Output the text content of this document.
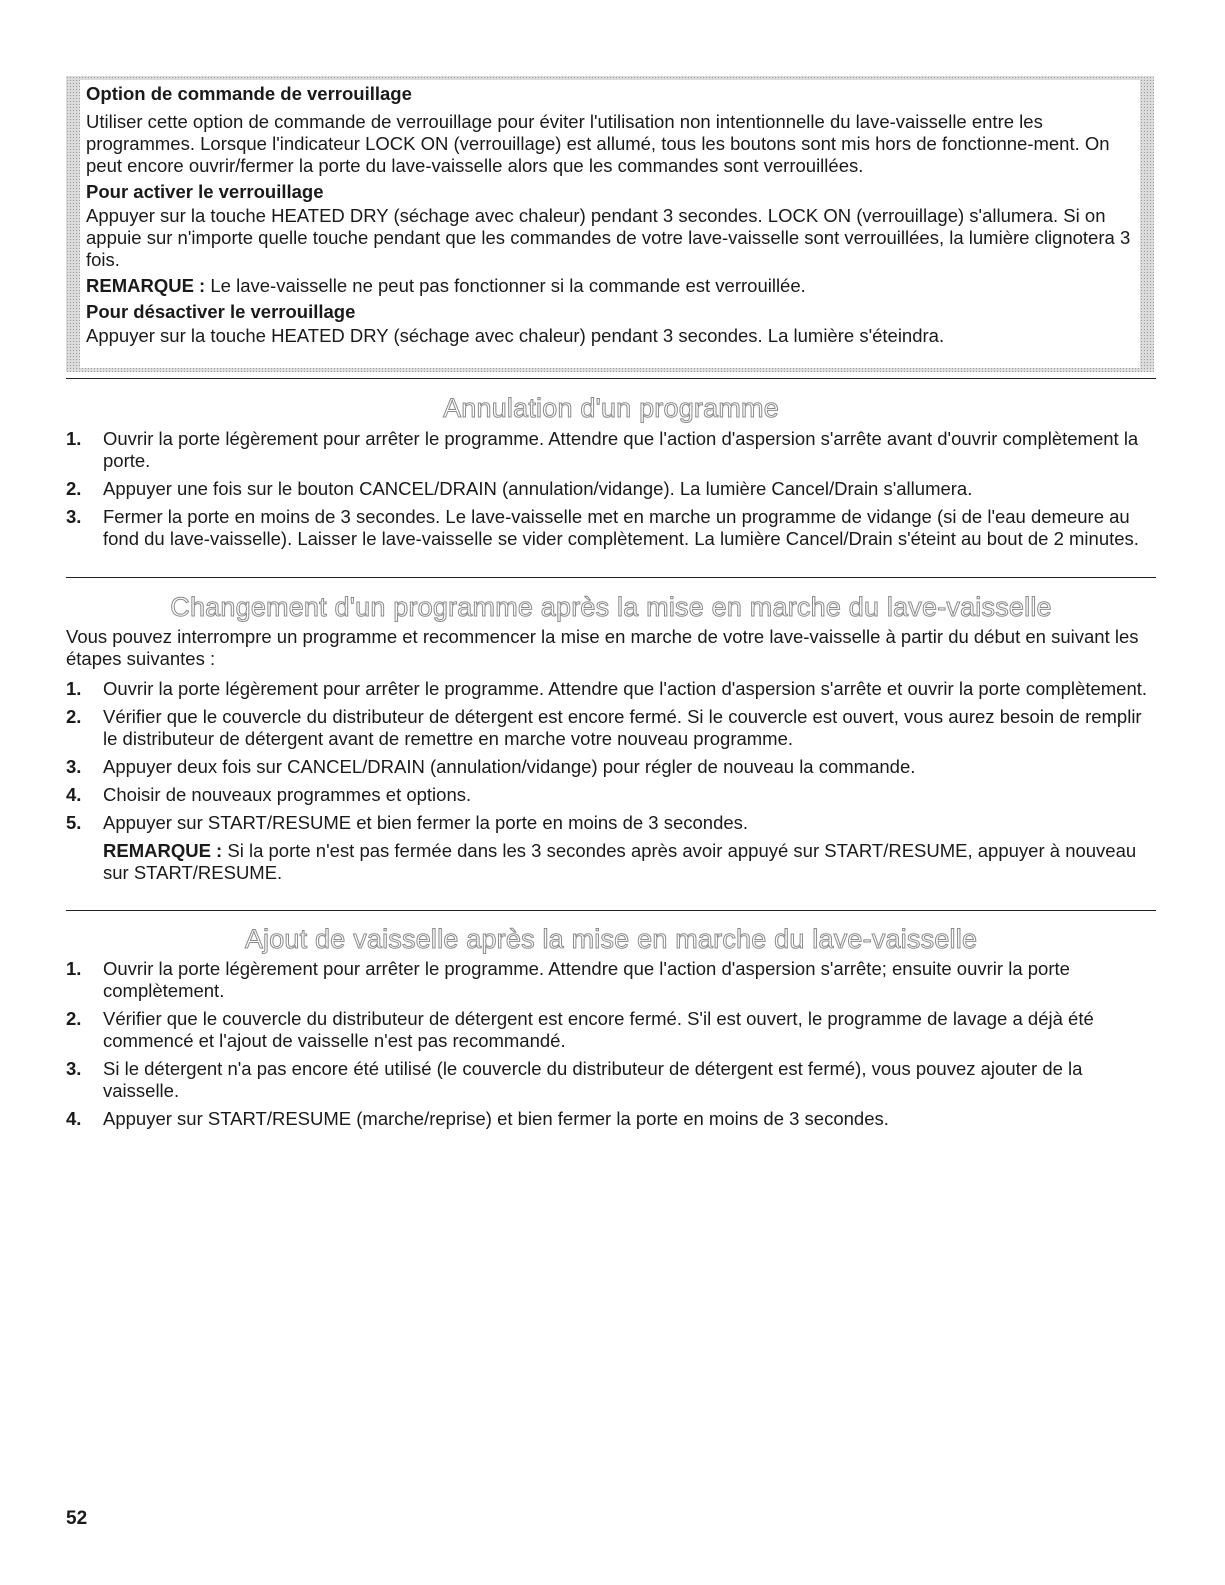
Option de commande de verrouillage

Utiliser cette option de commande de verrouillage pour éviter l'utilisation non intentionnelle du lave-vaisselle entre les programmes. Lorsque l'indicateur LOCK ON (verrouillage) est allumé, tous les boutons sont mis hors de fonctionne-ment. On peut encore ouvrir/fermer la porte du lave-vaisselle alors que les commandes sont verrouillées.

Pour activer le verrouillage

Appuyer sur la touche HEATED DRY (séchage avec chaleur) pendant 3 secondes. LOCK ON (verrouillage) s'allumera. Si on appuie sur n'importe quelle touche pendant que les commandes de votre lave-vaisselle sont verrouillées, la lumière clignotera 3 fois.

REMARQUE : Le lave-vaisselle ne peut pas fonctionner si la commande est verrouillée.

Pour désactiver le verrouillage

Appuyer sur la touche HEATED DRY (séchage avec chaleur) pendant 3 secondes. La lumière s'éteindra.

Annulation d'un programme
1. Ouvrir la porte légèrement pour arrêter le programme. Attendre que l'action d'aspersion s'arrête avant d'ouvrir complètement la porte.
2. Appuyer une fois sur le bouton CANCEL/DRAIN (annulation/vidange). La lumière Cancel/Drain s'allumera.
3. Fermer la porte en moins de 3 secondes. Le lave-vaisselle met en marche un programme de vidange (si de l'eau demeure au fond du lave-vaisselle). Laisser le lave-vaisselle se vider complètement. La lumière Cancel/Drain s'éteint au bout de 2 minutes.
Changement d'un programme après la mise en marche du lave-vaisselle

Vous pouvez interrompre un programme et recommencer la mise en marche de votre lave-vaisselle à partir du début en suivant les étapes suivantes :

1. Ouvrir la porte légèrement pour arrêter le programme. Attendre que l'action d'aspersion s'arrête et ouvrir la porte complètement.
2. Vérifier que le couvercle du distributeur de détergent est encore fermé. Si le couvercle est ouvert, vous aurez besoin de remplir le distributeur de détergent avant de remettre en marche votre nouveau programme.
3. Appuyer deux fois sur CANCEL/DRAIN (annulation/vidange) pour régler de nouveau la commande.
4. Choisir de nouveaux programmes et options.
5. Appuyer sur START/RESUME et bien fermer la porte en moins de 3 secondes.
REMARQUE : Si la porte n'est pas fermée dans les 3 secondes après avoir appuyé sur START/RESUME, appuyer à nouveau sur START/RESUME.
Ajout de vaisselle après la mise en marche du lave-vaisselle
1. Ouvrir la porte légèrement pour arrêter le programme. Attendre que l'action d'aspersion s'arrête; ensuite ouvrir la porte complètement.
2. Vérifier que le couvercle du distributeur de détergent est encore fermé. S'il est ouvert, le programme de lavage a déjà été commencé et l'ajout de vaisselle n'est pas recommandé.
3. Si le détergent n'a pas encore été utilisé (le couvercle du distributeur de détergent est fermé), vous pouvez ajouter de la vaisselle.
4. Appuyer sur START/RESUME (marche/reprise) et bien fermer la porte en moins de 3 secondes.
52
